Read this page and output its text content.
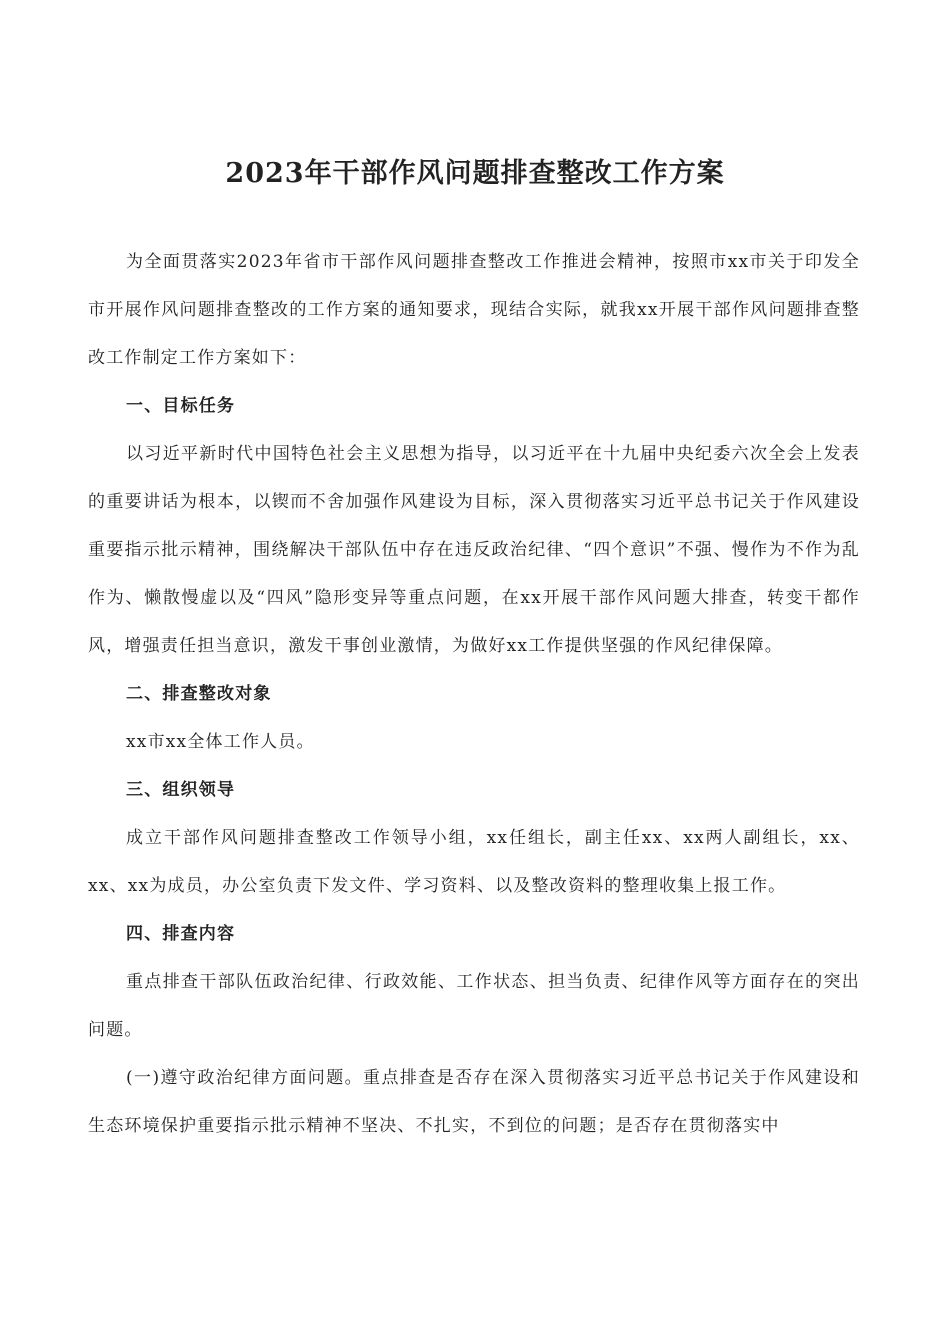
2023年干部作风问题排查整改工作方案

为全面贯落实2023年省市干部作风问题排查整改工作推进会精神，按照市xx市关于印发全市开展作风问题排查整改的工作方案的通知要求，现结合实际，就我xx开展干部作风问题排查整改工作制定工作方案如下：

一、目标任务

以习近平新时代中国特色社会主义思想为指导，以习近平在十九届中央纪委六次全会上发表的重要讲话为根本，以锲而不舍加强作风建设为目标，深入贯彻落实习近平总书记关于作风建设重要指示批示精神，围绕解决干部队伍中存在违反政治纪律、“四个意识”不强、慢作为不作为乱作为、懒散慢虚以及“四风”隐形变异等重点问题，在xx开展干部作风问题大排查，转变干都作风，增强责任担当意识，激发干事创业激情，为做好xx工作提供坚强的作风纪律保障。

二、排查整改对象

xx市xx全体工作人员。

三、组织领导

成立干部作风问题排查整改工作领导小组，xx任组长，副主任xx、xx两人副组长，xx、xx、xx为成员，办公室负责下发文件、学习资料、以及整改资料的整理收集上报工作。

四、排查内容

重点排查干部队伍政治纪律、行政效能、工作状态、担当负责、纪律作风等方面存在的突出问题。

(一)遵守政治纪律方面问题。重点排查是否存在深入贯彻落实习近平总书记关于作风建设和生态环境保护重要指示批示精神不坚决、不扎实，不到位的问题；是否存在贯彻落实中
